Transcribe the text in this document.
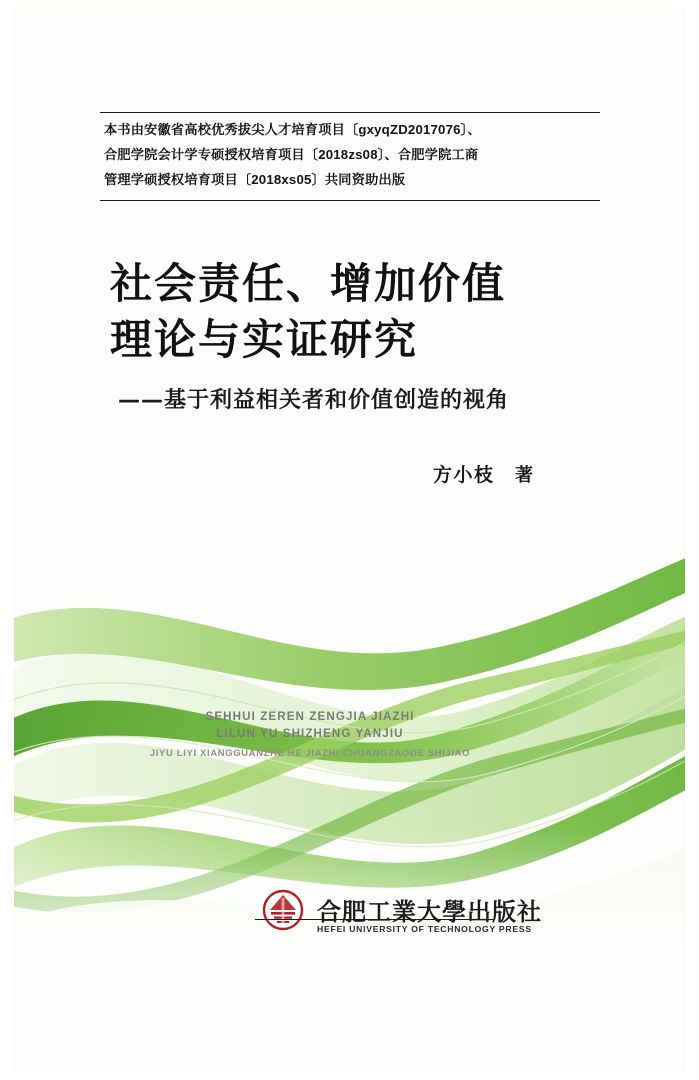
本书由安徽省高校优秀拔尖人才培育项目〔gxyqZD2017076〕、
合肥学院会计学专硕授权培育项目〔2018zs08〕、合肥学院工商
管理学硕授权培育项目〔2018xs05〕共同资助出版
社会责任、增加价值
理论与实证研究
——基于利益相关者和价值创造的视角
方小枝 著
SEHHUI ZEREN ZENGJIA JIAZHI
LILUN YU SHIZHENG YANJIU
JIYU LIYI XIANGGUANZHE HE JIAZHI CHUANGZAODE SHIJIAO
合肥工業大學出版社
HEFEI UNIVERSITY OF TECHNOLOGY PRESS
